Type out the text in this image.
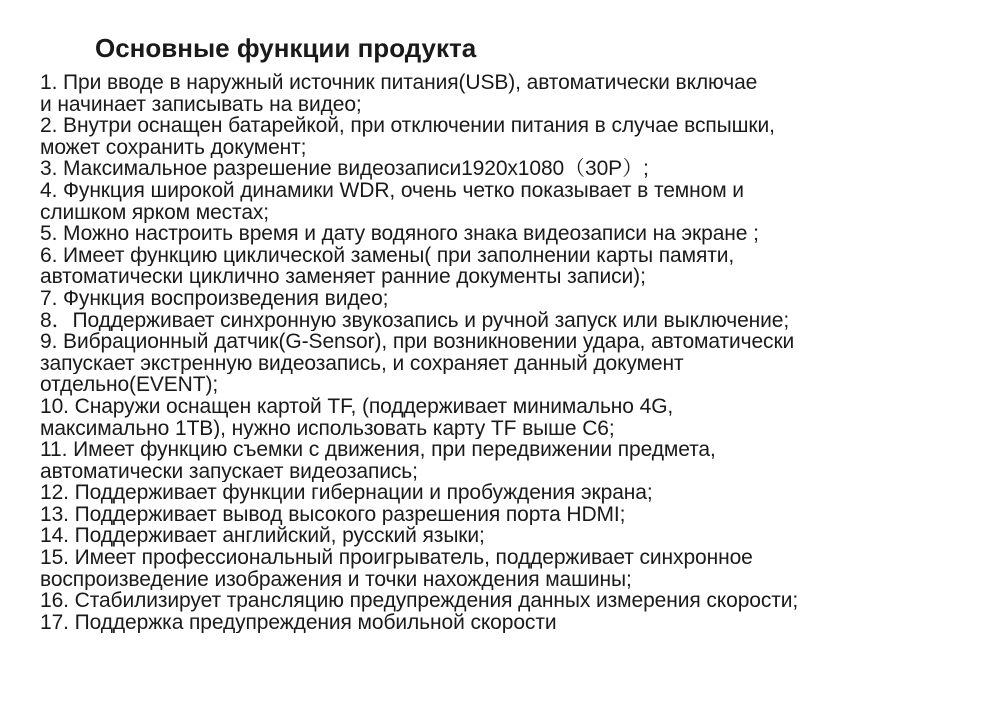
Основные функции продукта
1. При вводе в наружный источник питания(USB), автоматически включае
и начинает записывать на видео;
2. Внутри оснащен батарейкой, при отключении питания в случае вспышки,
может сохранить документ;
3. Максимальное разрешение видеозаписи1920x1080（30P）;
4. Функция широкой динамики WDR, очень четко показывает в темном и
слишком ярком местах;
5. Можно настроить время и дату водяного знака видеозаписи на экране ;
6. Имеет функцию циклической замены( при заполнении карты памяти,
автоматически циклично заменяет ранние документы записи);
7. Функция воспроизведения видео;
8．Поддерживает синхронную звукозапись и ручной запуск или выключение;
9. Вибрационный датчик(G-Sensor), при возникновении удара, автоматически
запускает экстренную видеозапись, и сохраняет данный документ
отдельно(EVENT);
10. Снаружи оснащен картой TF, (поддерживает минимально 4G,
максимально 1TB), нужно использовать карту TF выше C6;
11. Имеет функцию съемки с движения, при передвижении предмета,
автоматически запускает видеозапись;
12. Поддерживает функции гибернации и пробуждения экрана;
13. Поддерживает вывод высокого разрешения порта HDMI;
14. Поддерживает английский, русский языки;
15. Имеет профессиональный проигрыватель, поддерживает синхронное
воспроизведение изображения и точки нахождения машины;
16. Стабилизирует трансляцию предупреждения данных измерения скорости;
17. Поддержка предупреждения мобильной скорости
